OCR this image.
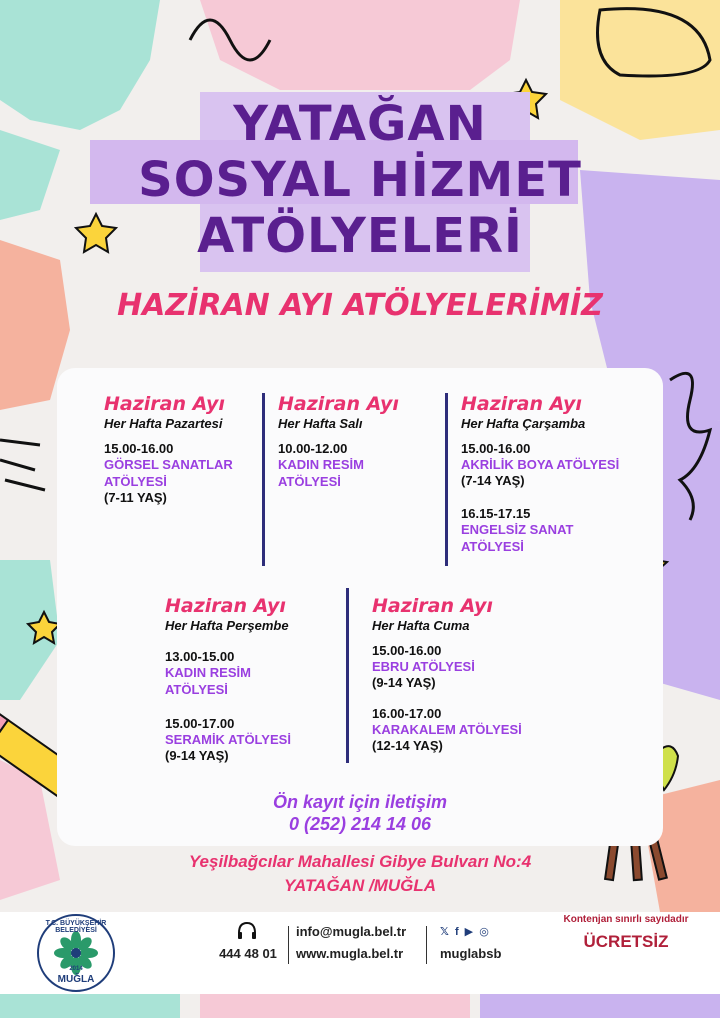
YATAĞAN
SOSYAL HİZMET
ATÖLYELERİ
HAZİRAN AYI ATÖLYELERİMİZ
Haziran Ayı
Her Hafta Pazartesi
15.00-16.00
GÖRSEL SANATLAR
ATÖLYESİ
(7-11 YAŞ)
Haziran Ayı
Her Hafta Salı
10.00-12.00
KADIN RESİM
ATÖLYESİ
Haziran Ayı
Her Hafta Çarşamba
15.00-16.00
AKRİLİK BOYA ATÖLYESİ
(7-14 YAŞ)
16.15-17.15
ENGELSİZ SANAT
ATÖLYESİ
Haziran Ayı
Her Hafta Perşembe
13.00-15.00
KADIN RESİM
ATÖLYESİ
15.00-17.00
SERAMİK ATÖLYESİ
(9-14 YAŞ)
Haziran Ayı
Her Hafta Cuma
15.00-16.00
EBRU ATÖLYESİ
(9-14 YAŞ)
16.00-17.00
KARAKALEM ATÖLYESİ
(12-14 YAŞ)
Ön kayıt için iletişim
0 (252) 214 14 06
Yeşilbağcılar Mahallesi Gibye Bulvarı No:4
YATAĞAN /MUĞLA
T.C. BÜYÜKŞEHİR BELEDİYESİ
2014
MUĞLA
444 48 01
info@mugla.bel.tr
www.mugla.bel.tr
𝕏 f ▶ ◎
muglabsb
Kontenjan sınırlı sayıdadır
ÜCRETSİZ
